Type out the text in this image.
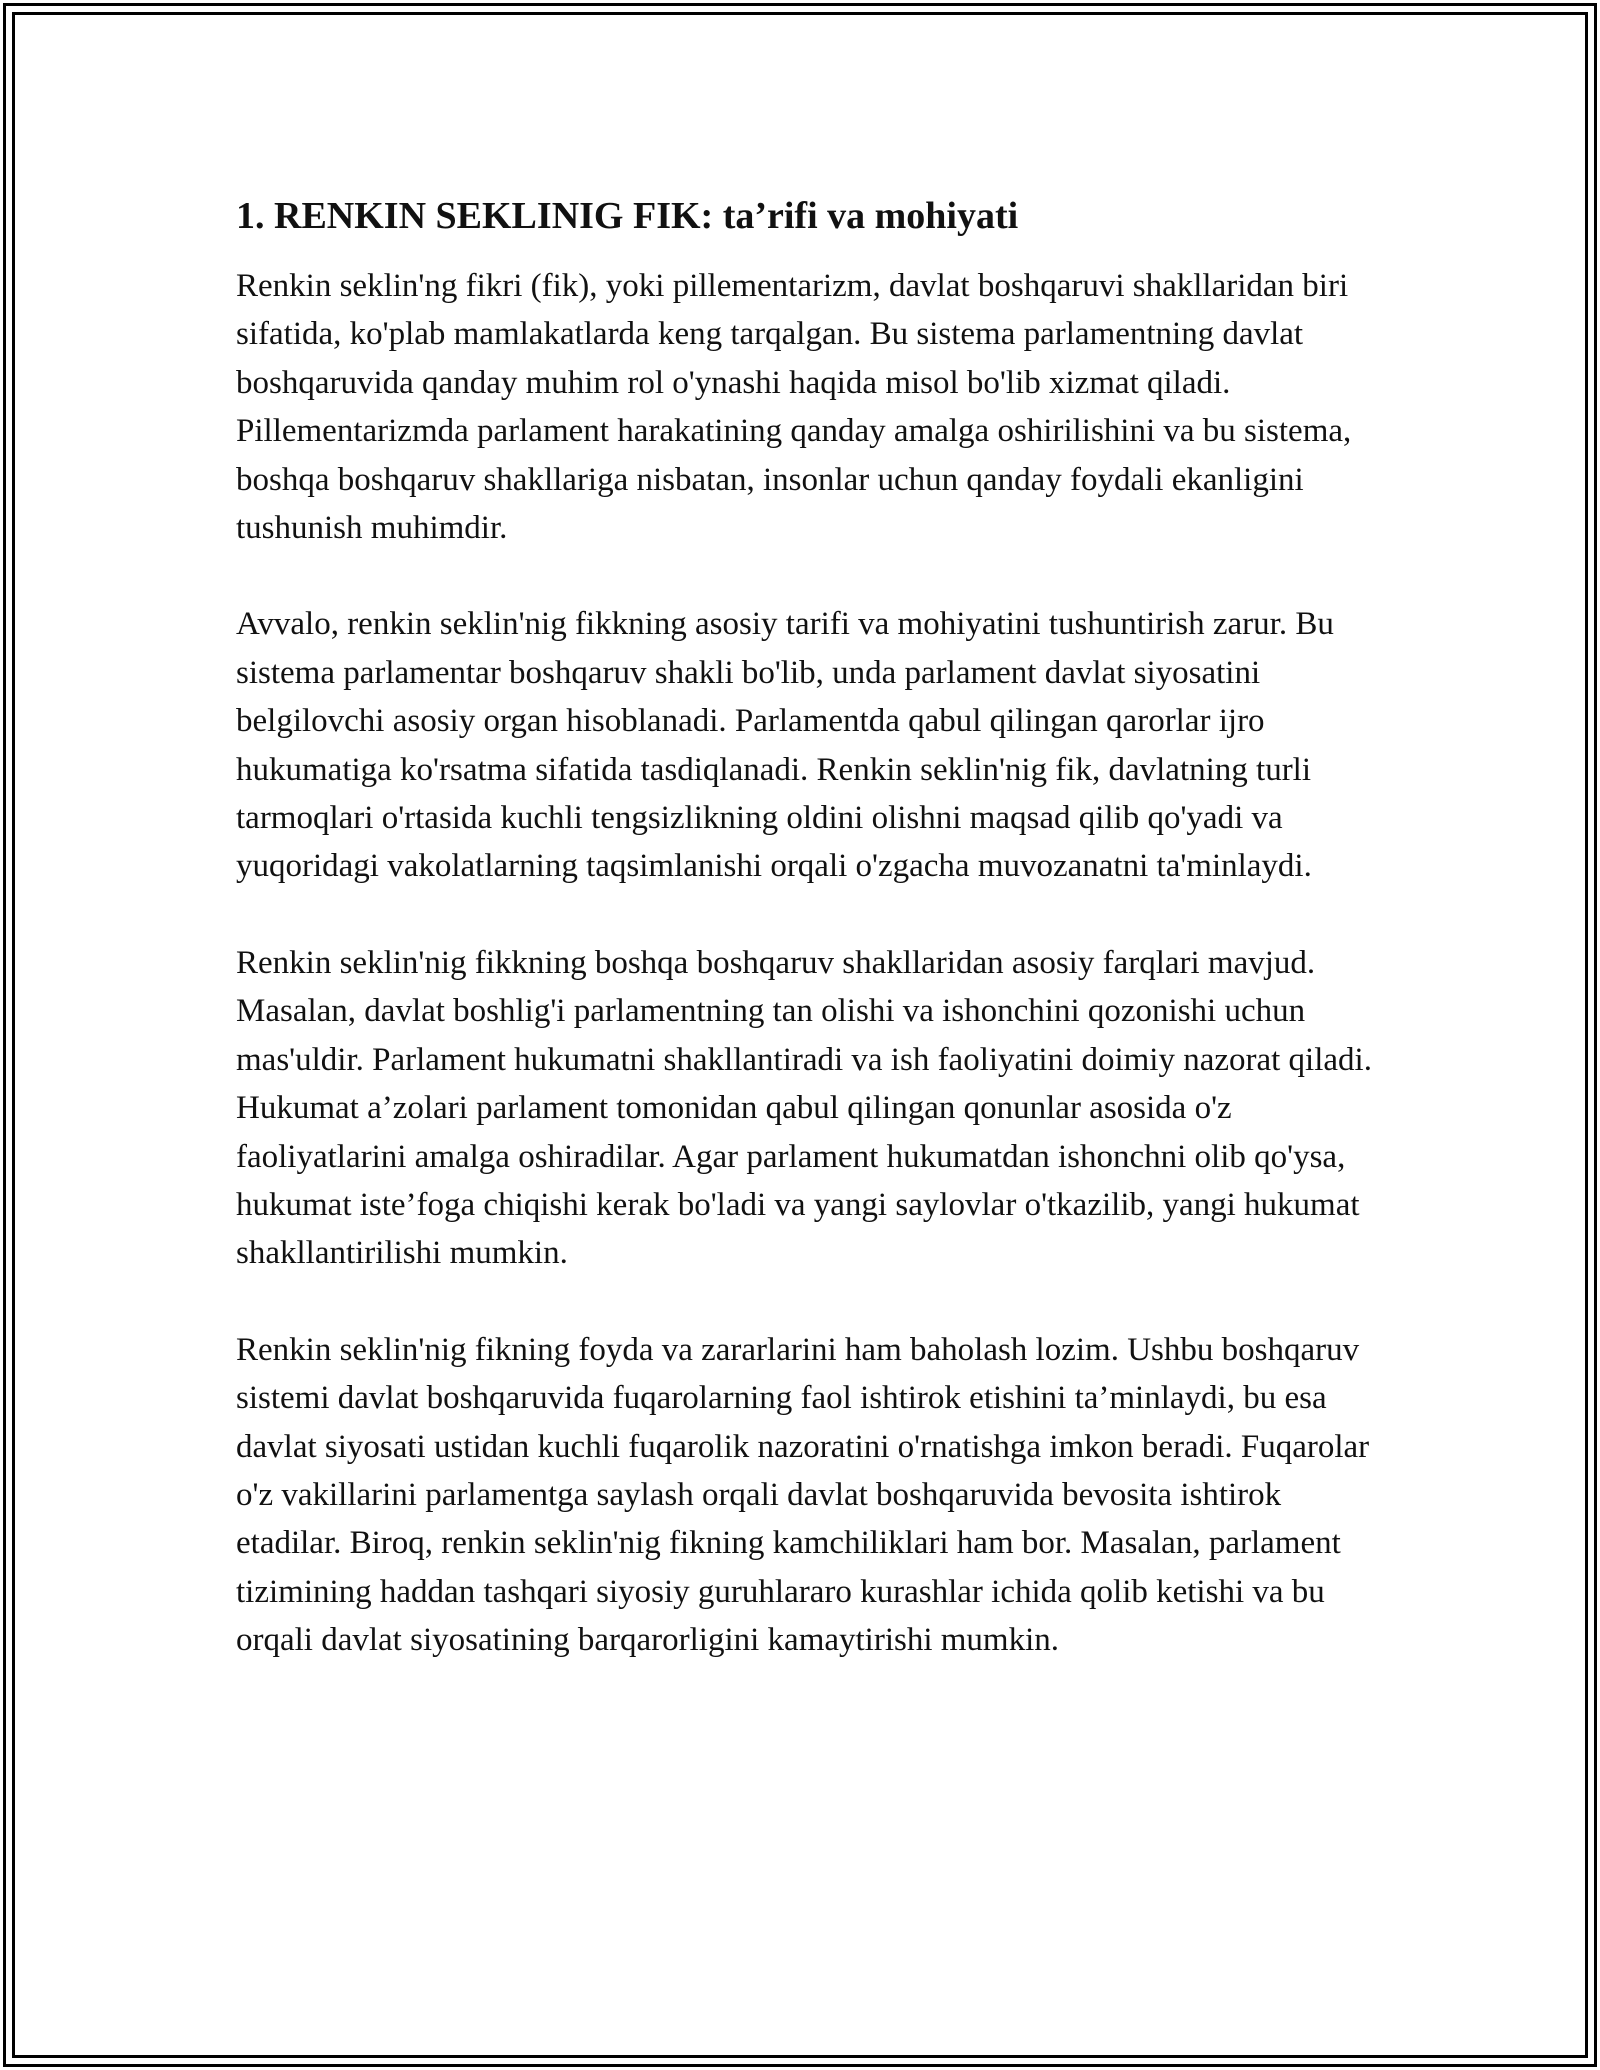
1. RENKIN SEKLINIG FIK: ta’rifi va mohiyati

Renkin seklin'ng fikri (fik), yoki pillementarizm, davlat boshqaruvi shakllaridan biri sifatida, ko'plab mamlakatlarda keng tarqalgan. Bu sistema parlamentning davlat boshqaruvida qanday muhim rol o'ynashi haqida misol bo'lib xizmat qiladi. Pillementarizmda parlament harakatining qanday amalga oshirilishini va bu sistema, boshqa boshqaruv shakllariga nisbatan, insonlar uchun qanday foydali ekanligini tushunish muhimdir.

Avvalo, renkin seklin'nig fikkning asosiy tarifi va mohiyatini tushuntirish zarur. Bu sistema parlamentar boshqaruv shakli bo'lib, unda parlament davlat siyosatini belgilovchi asosiy organ hisoblanadi. Parlamentda qabul qilingan qarorlar ijro hukumatiga ko'rsatma sifatida tasdiqlanadi. Renkin seklin'nig fik, davlatning turli tarmoqlari o'rtasida kuchli tengsizlikning oldini olishni maqsad qilib qo'yadi va yuqoridagi vakolatlarning taqsimlanishi orqali o'zgacha muvozanatni ta'minlaydi.

Renkin seklin'nig fikkning boshqa boshqaruv shakllaridan asosiy farqlari mavjud. Masalan, davlat boshlig'i parlamentning tan olishi va ishonchini qozonishi uchun mas'uldir. Parlament hukumatni shakllantiradi va ish faoliyatini doimiy nazorat qiladi. Hukumat a’zolari parlament tomonidan qabul qilingan qonunlar asosida o'z faoliyatlarini amalga oshiradilar. Agar parlament hukumatdan ishonchni olib qo'ysa, hukumat iste’foga chiqishi kerak bo'ladi va yangi saylovlar o'tkazilib, yangi hukumat shakllantirilishi mumkin.

Renkin seklin'nig fikning foyda va zararlarini ham baholash lozim. Ushbu boshqaruv sistemi davlat boshqaruvida fuqarolarning faol ishtirok etishini ta’minlaydi, bu esa davlat siyosati ustidan kuchli fuqarolik nazoratini o'rnatishga imkon beradi. Fuqarolar o'z vakillarini parlamentga saylash orqali davlat boshqaruvida bevosita ishtirok etadilar. Biroq, renkin seklin'nig fikning kamchiliklari ham bor. Masalan, parlament tizimining haddan tashqari siyosiy guruhlararo kurashlar ichida qolib ketishi va bu orqali davlat siyosatining barqarorligini kamaytirishi mumkin.
